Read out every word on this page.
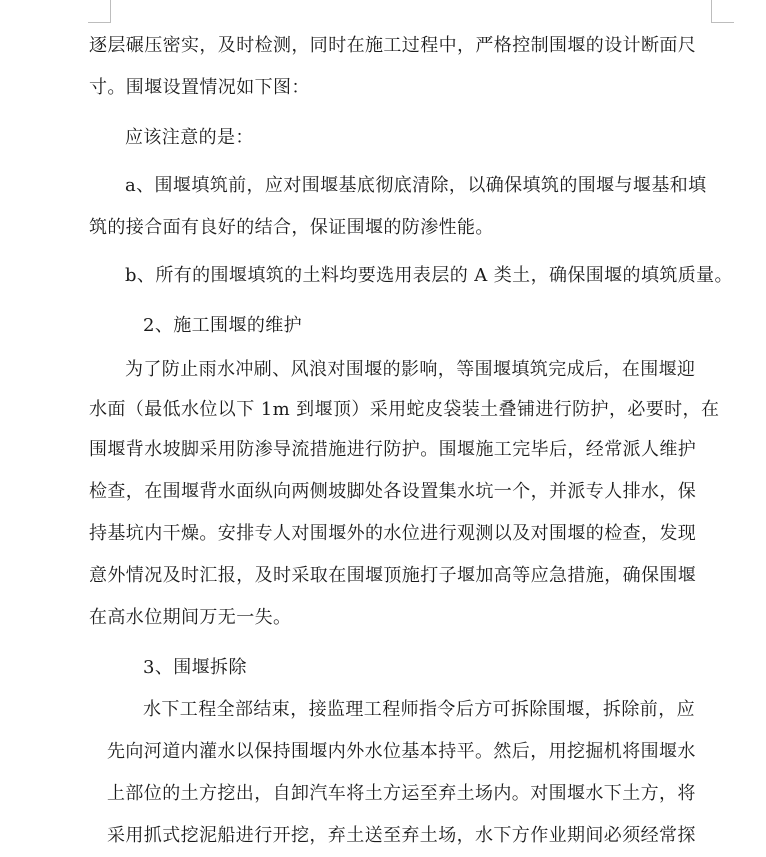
逐层碾压密实，及时检测，同时在施工过程中，严格控制围堰的设计断面尺
寸。围堰设置情况如下图：
应该注意的是：
a、围堰填筑前，应对围堰基底彻底清除，以确保填筑的围堰与堰基和填
筑的接合面有良好的结合，保证围堰的防渗性能。
b、所有的围堰填筑的土料均要选用表层的 A 类土，确保围堰的填筑质量。
2、施工围堰的维护
为了防止雨水冲刷、风浪对围堰的影响，等围堰填筑完成后，在围堰迎
水面（最低水位以下 1m 到堰顶）采用蛇皮袋装土叠铺进行防护，必要时，在
围堰背水坡脚采用防渗导流措施进行防护。围堰施工完毕后，经常派人维护
检查，在围堰背水面纵向两侧坡脚处各设置集水坑一个，并派专人排水，保
持基坑内干燥。安排专人对围堰外的水位进行观测以及对围堰的检查，发现
意外情况及时汇报，及时采取在围堰顶施打子堰加高等应急措施，确保围堰
在高水位期间万无一失。
3、围堰拆除
水下工程全部结束，接监理工程师指令后方可拆除围堰，拆除前，应
先向河道内灌水以保持围堰内外水位基本持平。然后，用挖掘机将围堰水
上部位的土方挖出，自卸汽车将土方运至弃土场内。对围堰水下土方，将
采用抓式挖泥船进行开挖，弃土送至弃土场，水下方作业期间必须经常探
